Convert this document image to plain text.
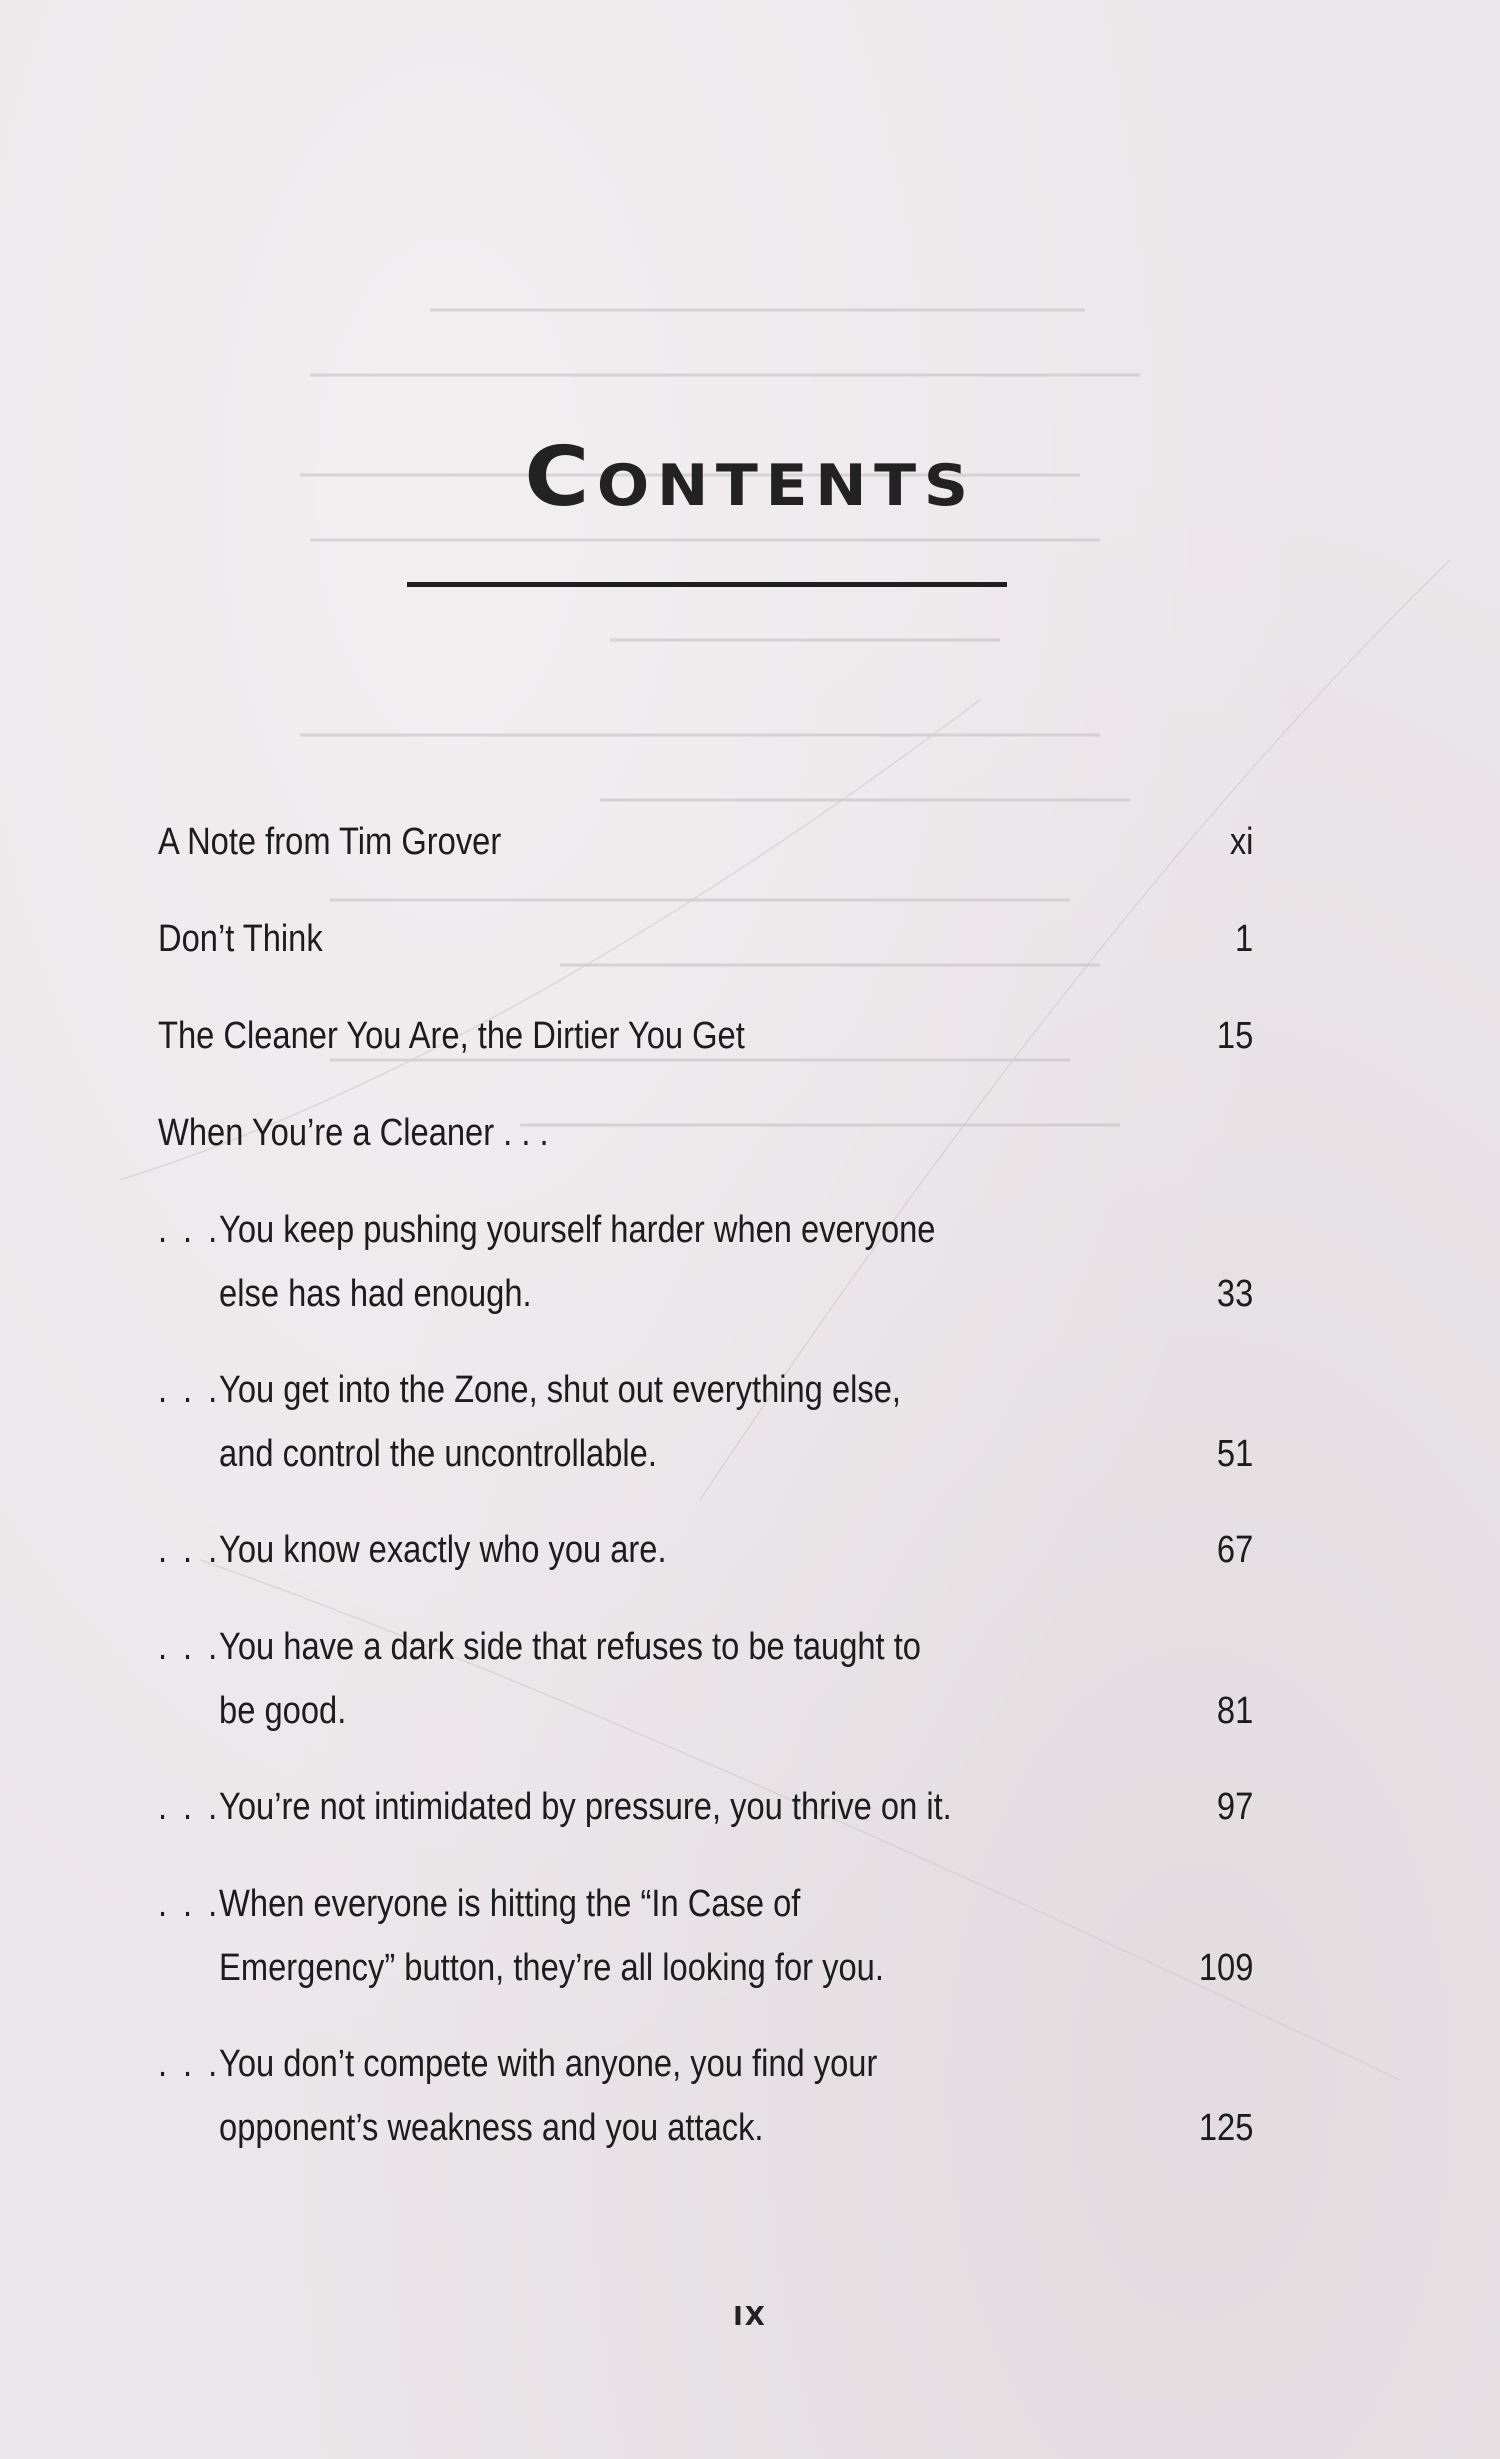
Contents
A Note from Tim Grover	xi
Don’t Think	1
The Cleaner You Are, the Dirtier You Get	15
When You’re a Cleaner . . .
. . .
You keep pushing yourself harder when everyone
else has had enough.	33
. . .
You get into the Zone, shut out everything else,
and control the uncontrollable.	51
. . .
You know exactly who you are.	67
. . .
You have a dark side that refuses to be taught to
be good.	81
. . .
You’re not intimidated by pressure, you thrive on it.	97
. . .
When everyone is hitting the “In Case of
Emergency” button, they’re all looking for you.	109
. . .
You don’t compete with anyone, you find your
opponent’s weakness and you attack.	125
IX
